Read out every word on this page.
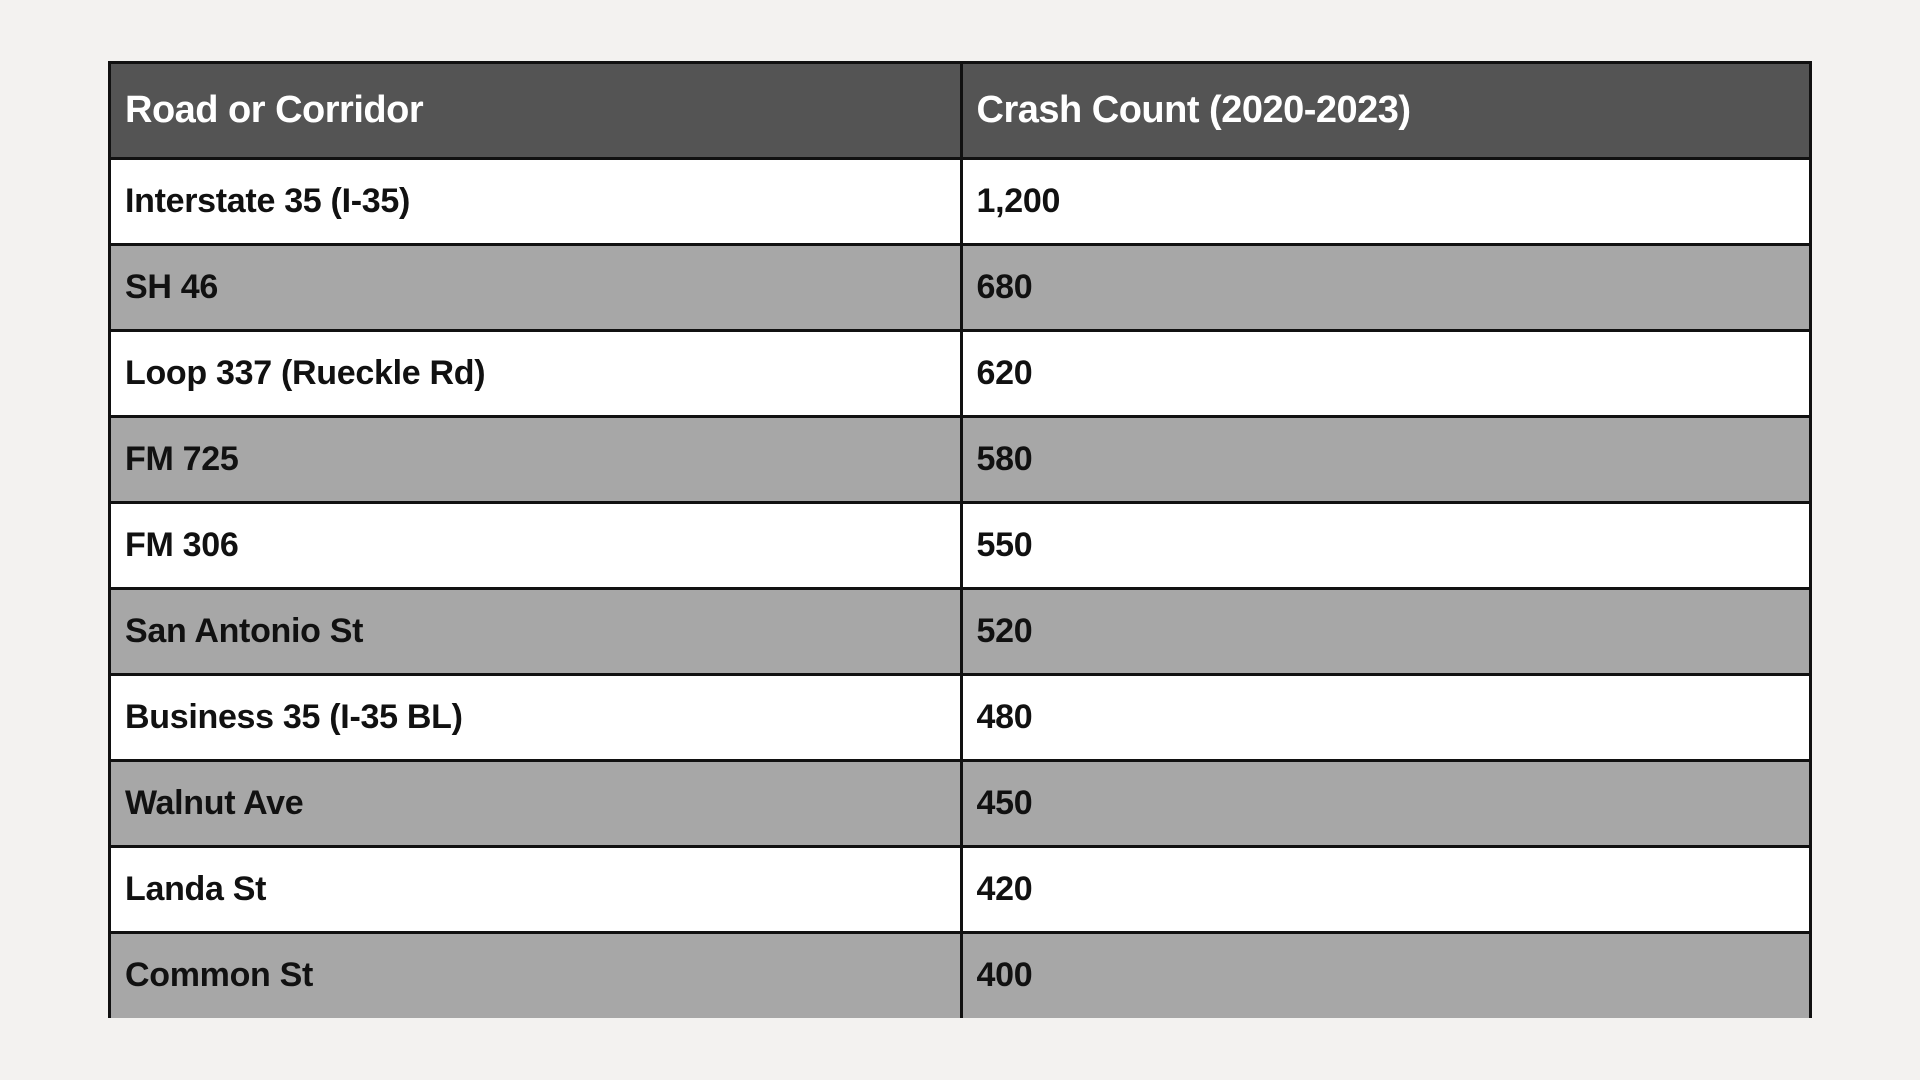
Road or Corridor	Crash Count (2020-2023)
Interstate 35 (I-35)	1,200
SH 46	680
Loop 337 (Rueckle Rd)	620
FM 725	580
FM 306	550
San Antonio St	520
Business 35 (I-35 BL)	480
Walnut Ave	450
Landa St	420
Common St	400
